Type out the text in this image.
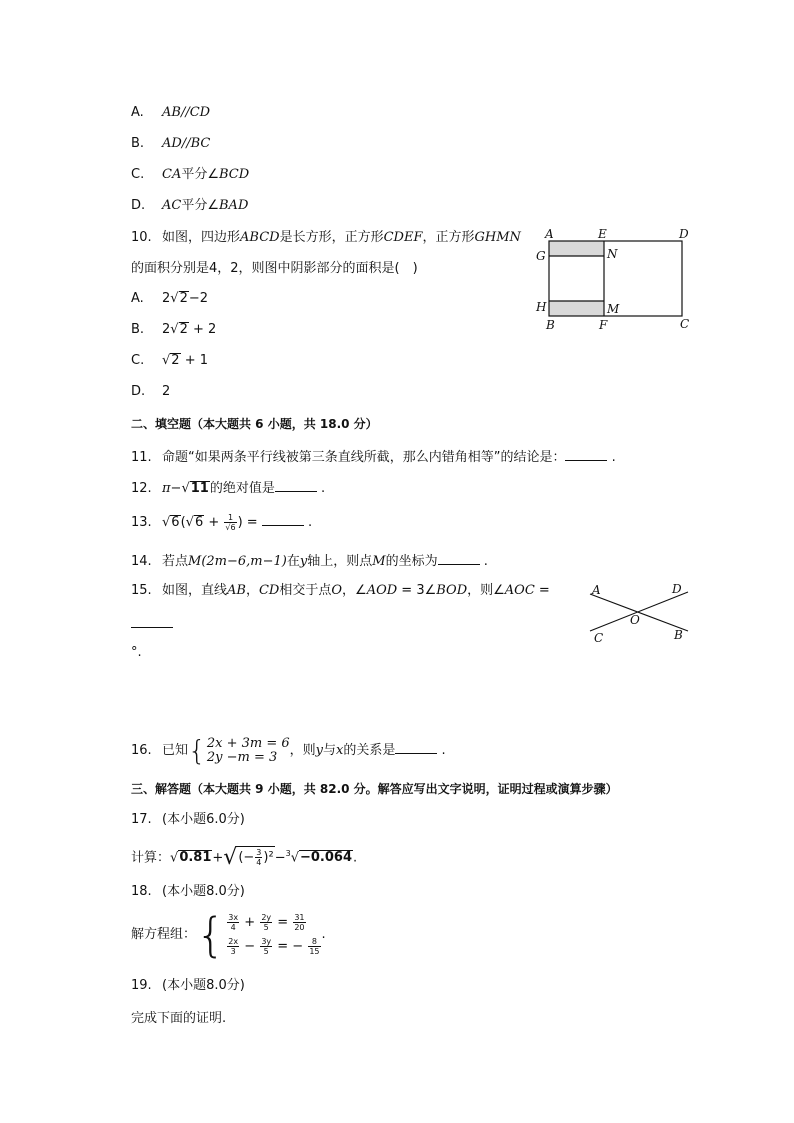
A. AB//CD
B. AD//BC
C. CA平分∠BCD
D. AC平分∠BAD
10. 如图，四边形ABCD是长方形，正方形CDEF，正方形GHMN
的面积分别是4，2，则图中阴影部分的面积是(　)
A. 2√2−2
B. 2√2 + 2
C. √2 + 1
D. 2
A	E	D
G	N
H	M
B	F	C
二、填空题（本大题共 6 小题，共 18.0 分）
11. 命题“如果两条平行线被第三条直线所截，那么内错角相等”的结论是：	.
12. π−√11的绝对值是	.
13. $√6(√6 + \frac{1}{√6}$ ) =	.
14. 若点M(2m−6,m−1)在y轴上，则点M的坐标为	.
15. 如图，直线AB，CD相交于点O，∠AOD = 3∠BOD，则∠AOC =
°.
A	D
C	B
O
16. 已知{ 2x + 3m = 6
2y −m = 3 ，则y与x的关系是	.
三、解答题（本大题共 9 小题，共 82.0 分。解答应写出文字说明，证明过程或演算步骤）
17. (本小题6.0分)
计算：$√0.81+√(- \frac{3}{4} )^2-^3√-0.064$.
18. (本小题8.0分)
解方程组：{ $\frac{3x}{4} + \frac{2y}{5} = \frac{31}{20}$
$\frac{2x}{3} - \frac{3y}{5}$ = − $\frac{8}{15}$
.
19. (本小题8.0分)
完成下面的证明.
